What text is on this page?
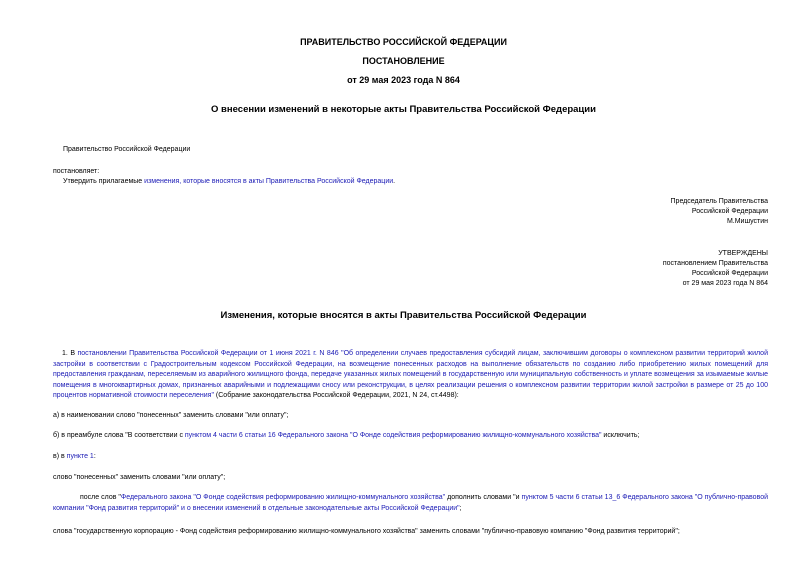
ПРАВИТЕЛЬСТВО РОССИЙСКОЙ ФЕДЕРАЦИИ
ПОСТАНОВЛЕНИЕ
от 29 мая 2023 года N 864
О внесении изменений в некоторые акты Правительства Российской Федерации
Правительство Российской Федерации
постановляет:
Утвердить прилагаемые изменения, которые вносятся в акты Правительства Российской Федерации.
Председатель Правительства
Российской Федерации
М.Мишустин
УТВЕРЖДЕНЫ
постановлением Правительства
Российской Федерации
от 29 мая 2023 года N 864
Изменения, которые вносятся в акты Правительства Российской Федерации
1. В постановлении Правительства Российской Федерации от 1 июня 2021 г. N 846 "Об определении случаев предоставления субсидий лицам, заключившим договоры о комплексном развитии территорий жилой застройки в соответствии с Градостроительным кодексом Российской Федерации, на возмещение понесенных расходов на выполнение обязательств по созданию либо приобретению жилых помещений для предоставления гражданам, переселяемым из аварийного жилищного фонда, передаче указанных жилых помещений в государственную или муниципальную собственность и уплате возмещения за изымаемые жилые помещения в многоквартирных домах, признанных аварийными и подлежащими сносу или реконструкции, в целях реализации решения о комплексном развитии территории жилой застройки в размере от 25 до 100 процентов нормативной стоимости переселения" (Собрание законодательства Российской Федерации, 2021, N 24, ст.4498):
а) в наименовании слово "понесенных" заменить словами "или оплату";
б) в преамбуле слова "В соответствии с пунктом 4 части 6 статьи 16 Федерального закона "О Фонде содействия реформированию жилищно-коммунального хозяйства" исключить;
в) в пункте 1:
слово "понесенных" заменить словами "или оплату";
после слов "Федерального закона "О Фонде содействия реформированию жилищно-коммунального хозяйства" дополнить словами "и пунктом 5 части 6 статьи 13_6 Федерального закона "О публично-правовой компании "Фонд развития территорий" и о внесении изменений в отдельные законодательные акты Российской Федерации";
слова "государственную корпорацию - Фонд содействия реформированию жилищно-коммунального хозяйства" заменить словами "публично-правовую компанию "Фонд развития территорий";
